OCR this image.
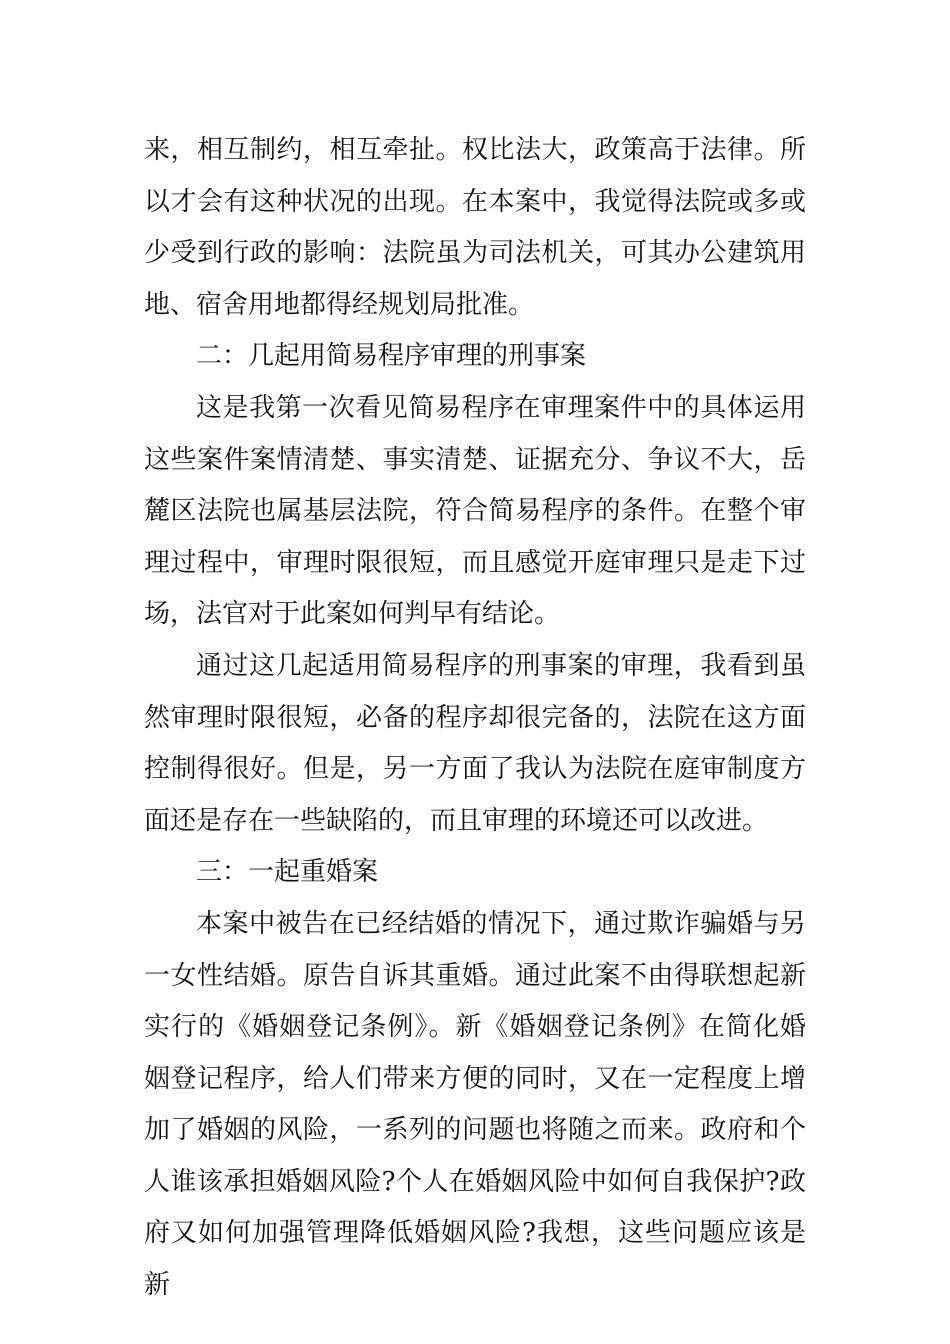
来，相互制约，相互牵扯。权比法大，政策高于法律。所以才会有这种状况的出现。在本案中，我觉得法院或多或少受到行政的影响：法院虽为司法机关，可其办公建筑用地、宿舍用地都得经规划局批准。

二：几起用简易程序审理的刑事案

这是我第一次看见简易程序在审理案件中的具体运用这些案件案情清楚、事实清楚、证据充分、争议不大，岳麓区法院也属基层法院，符合简易程序的条件。在整个审理过程中，审理时限很短，而且感觉开庭审理只是走下过场，法官对于此案如何判早有结论。

通过这几起适用简易程序的刑事案的审理，我看到虽然审理时限很短，必备的程序却很完备的，法院在这方面控制得很好。但是，另一方面了我认为法院在庭审制度方面还是存在一些缺陷的，而且审理的环境还可以改进。

三：一起重婚案

本案中被告在已经结婚的情况下，通过欺诈骗婚与另一女性结婚。原告自诉其重婚。通过此案不由得联想起新实行的《婚姻登记条例》。新《婚姻登记条例》在简化婚姻登记程序，给人们带来方便的同时，又在一定程度上增加了婚姻的风险，一系列的问题也将随之而来。政府和个人谁该承担婚姻风险?个人在婚姻风险中如何自我保护?政府又如何加强管理降低婚姻风险?我想，这些问题应该是新
